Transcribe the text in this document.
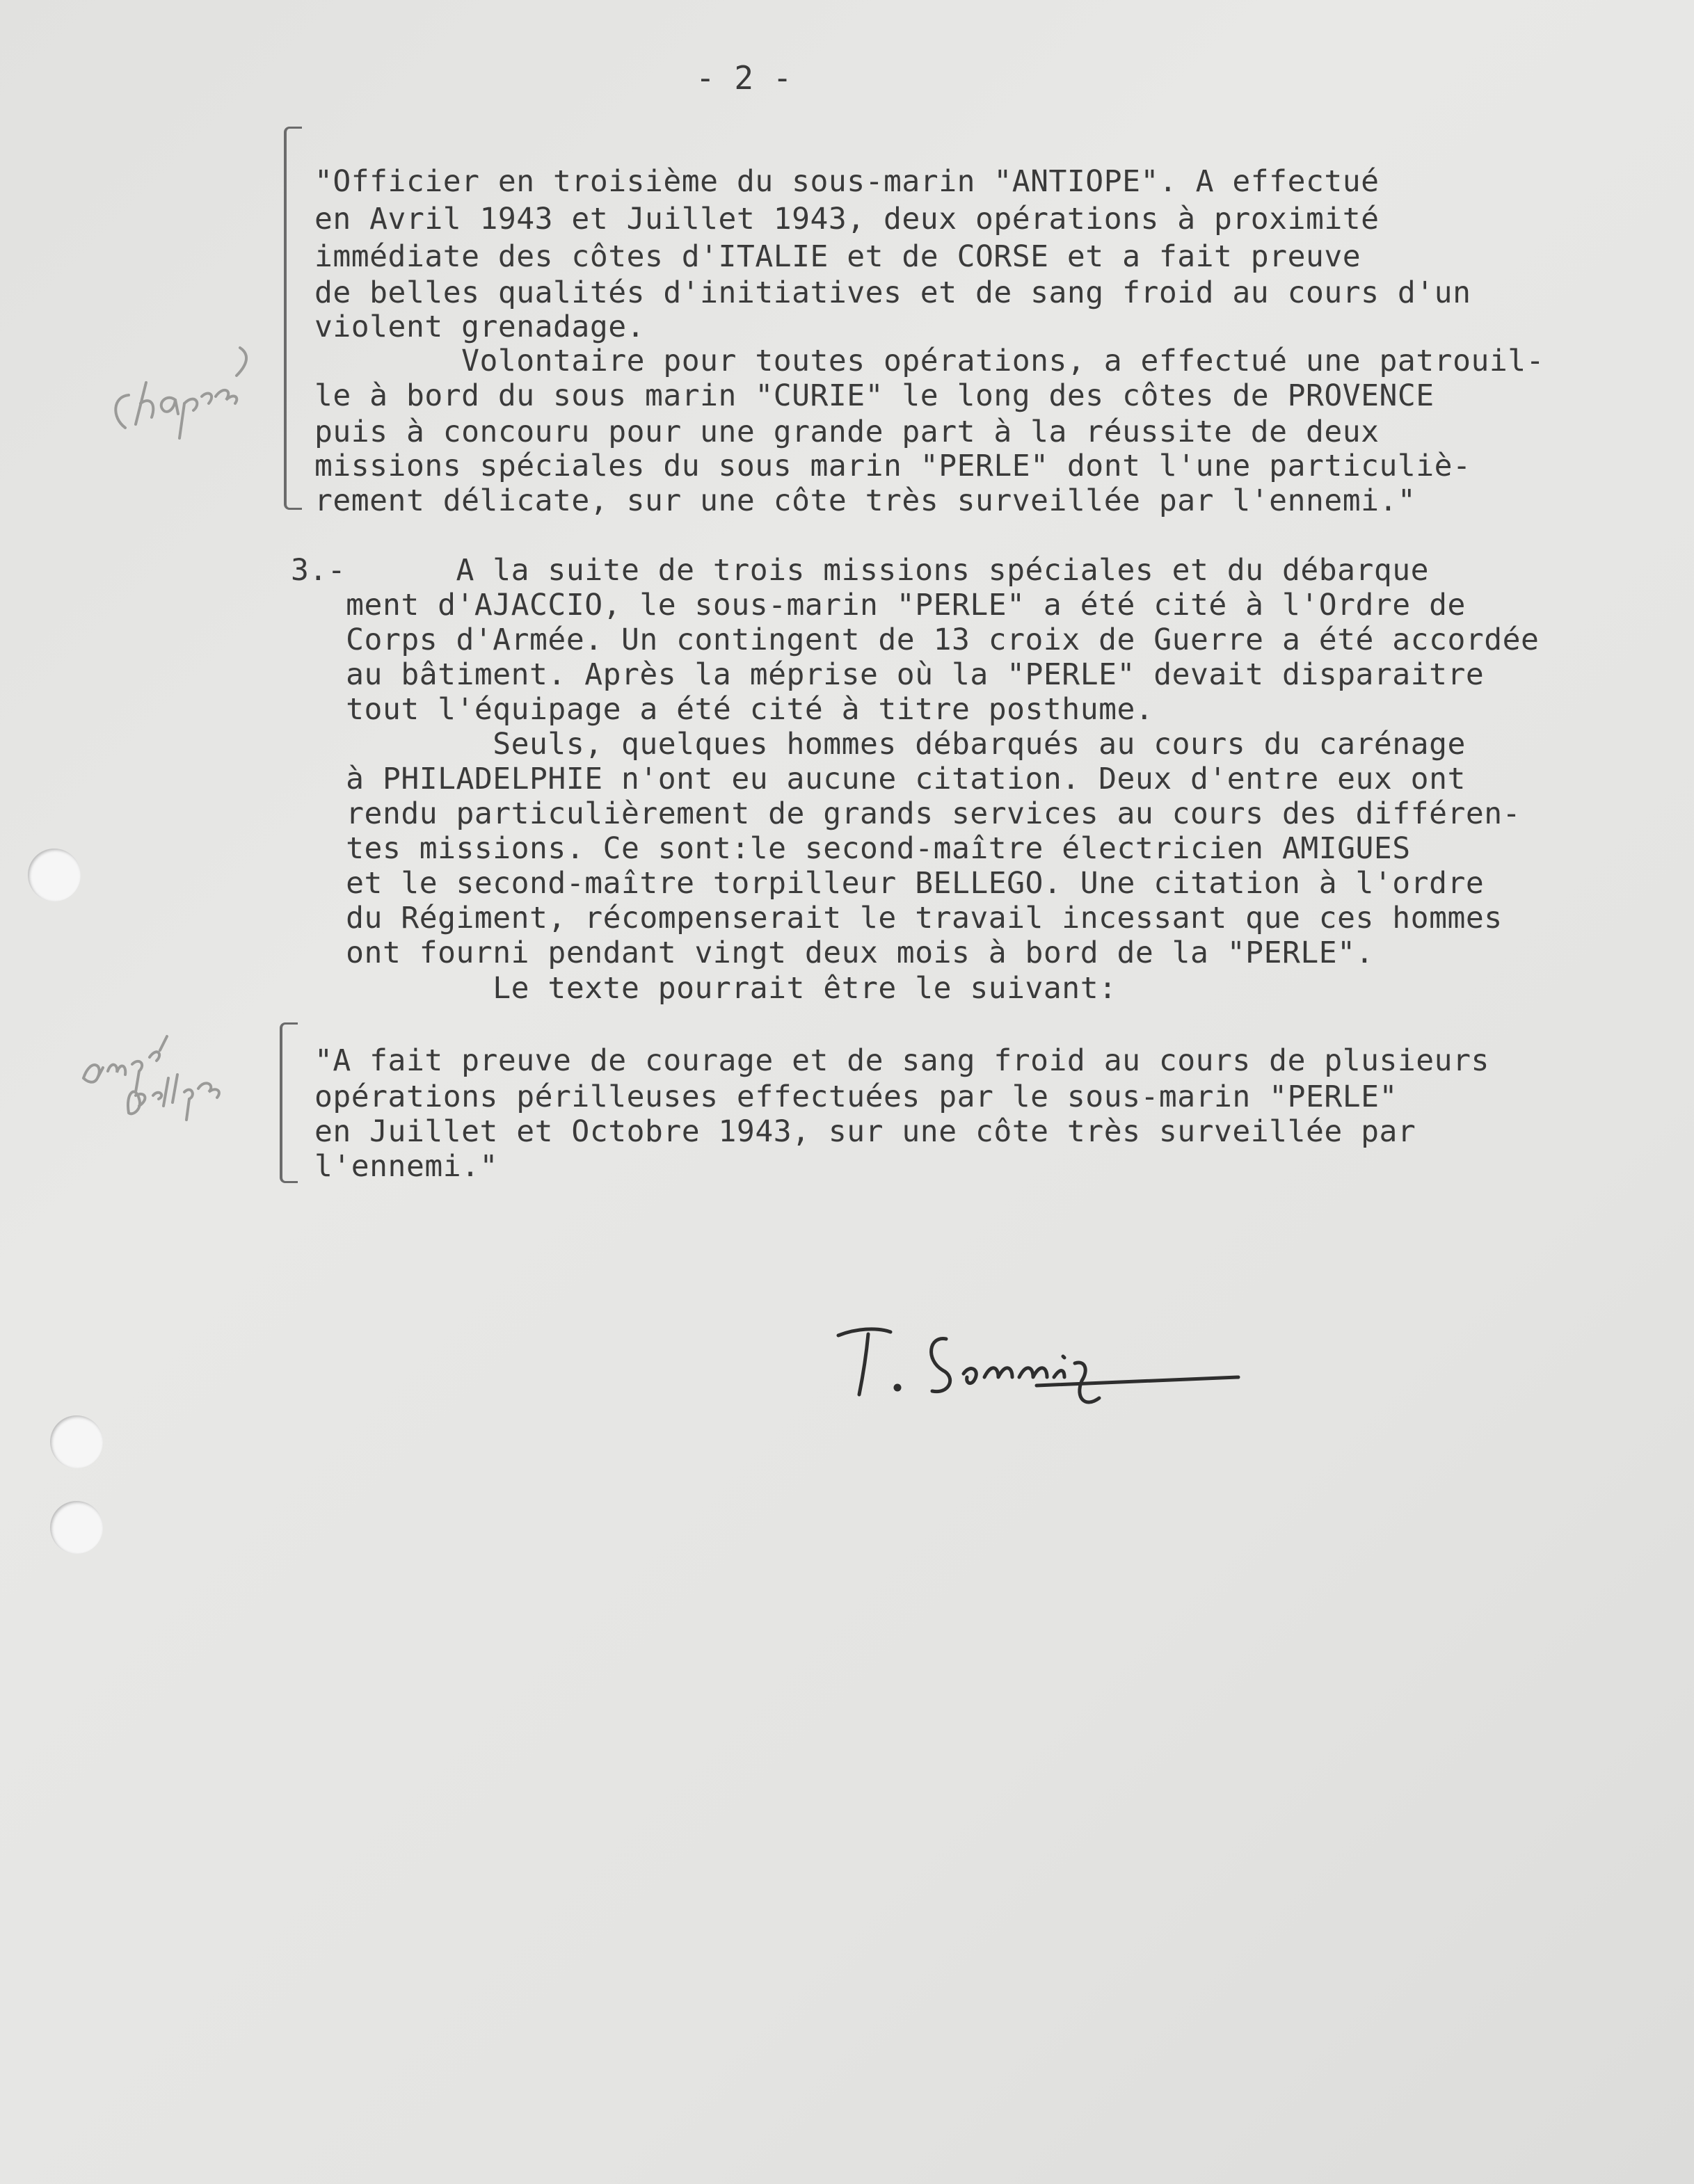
- 2 -
"Officier en troisième du sous-marin "ANTIOPE". A effectué
en Avril 1943 et Juillet 1943, deux opérations à proximité
immédiate des côtes d'ITALIE et de CORSE et a fait preuve
de belles qualités d'initiatives et de sang froid au cours d'un
violent grenadage.
Volontaire pour toutes opérations, a effectué une patrouil-
le à bord du sous marin "CURIE" le long des côtes de PROVENCE
puis à concouru pour une grande part à la réussite de deux
missions spéciales du sous marin "PERLE" dont l'une particuliè-
rement délicate, sur une côte très surveillée par l'ennemi."
3.-      A la suite de trois missions spéciales et du débarque
ment d'AJACCIO, le sous-marin "PERLE" a été cité à l'Ordre de
Corps d'Armée. Un contingent de 13 croix de Guerre a été accordée
au bâtiment. Après la méprise où la "PERLE" devait disparaitre
tout l'équipage a été cité à titre posthume.
Seuls, quelques hommes débarqués au cours du carénage
à PHILADELPHIE n'ont eu aucune citation. Deux d'entre eux ont
rendu particulièrement de grands services au cours des différen-
tes missions. Ce sont:le second-maître électricien AMIGUES
et le second-maître torpilleur BELLEGO. Une citation à l'ordre
du Régiment, récompenserait le travail incessant que ces hommes
ont fourni pendant vingt deux mois à bord de la "PERLE".
Le texte pourrait être le suivant:
"A fait preuve de courage et de sang froid au cours de plusieurs
opérations périlleuses effectuées par le sous-marin "PERLE"
en Juillet et Octobre 1943, sur une côte très surveillée par
l'ennemi."
